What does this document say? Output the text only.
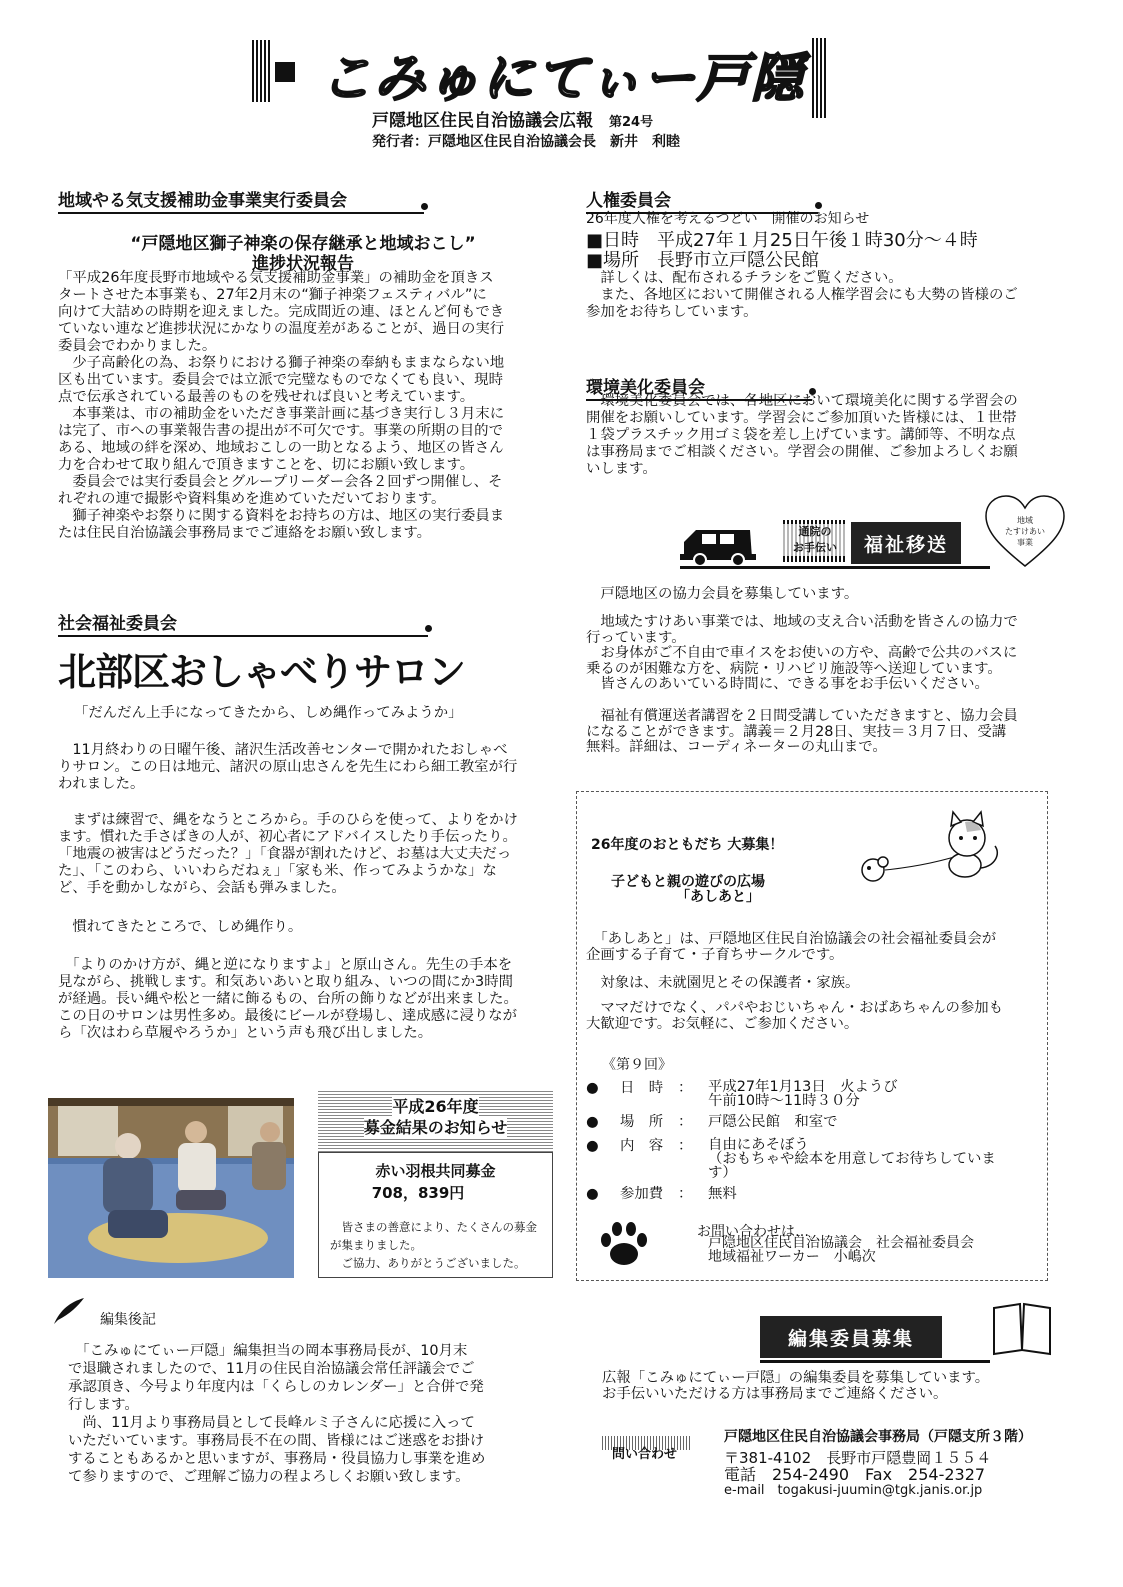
こみゅにてぃー戸隠
戸隠地区住民自治協議会広報 第24号
発行者：戸隠地区住民自治協議会長　新井　利睦
地域やる気支援補助金事業実行委員会
“戸隠地区獅子神楽の保存継承と地域おこし”
進捗状況報告

「平成26年度長野市地域やる気支援補助金事業」の補助金を頂きス
タートさせた本事業も、27年2月末の“獅子神楽フェスティバル”に
向けて大詰めの時期を迎えました。完成間近の連、ほとんど何もでき
ていない連など進捗状況にかなりの温度差があることが、過日の実行
委員会でわかりました。
　少子高齢化の為、お祭りにおける獅子神楽の奉納もままならない地
区も出ています。委員会では立派で完璧なものでなくても良い、現時
点で伝承されている最善のものを残せれば良いと考えています。
　本事業は、市の補助金をいただき事業計画に基づき実行し３月末に
は完了、市への事業報告書の提出が不可欠です。事業の所期の目的で
ある、地域の絆を深め、地域おこしの一助となるよう、地区の皆さん
力を合わせて取り組んで頂きますことを、切にお願い致します。
　委員会では実行委員会とグループリーダー会各２回ずつ開催し、そ
れぞれの連で撮影や資料集めを進めていただいております。
　獅子神楽やお祭りに関する資料をお持ちの方は、地区の実行委員ま
たは住民自治協議会事務局までご連絡をお願い致します。

社会福祉委員会
北部区おしゃべりサロン

「だんだん上手になってきたから、しめ縄作ってみようか」

　11月終わりの日曜午後、諸沢生活改善センターで開かれたおしゃべ
りサロン。この日は地元、諸沢の原山忠さんを先生にわら細工教室が行
われました。

　まずは練習で、縄をなうところから。手のひらを使って、よりをかけ
ます。慣れた手さばきの人が、初心者にアドバイスしたり手伝ったり。
「地震の被害はどうだった？」「食器が割れたけど、お墓は大丈夫だっ
た」、「このわら、いいわらだねぇ」「家も米、作ってみようかな」な
ど、手を動かしながら、会話も弾みました。

　慣れてきたところで、しめ縄作り。

　「よりのかけ方が、縄と逆になりますよ」と原山さん。先生の手本を
見ながら、挑戦します。和気あいあいと取り組み、いつの間にか3時間
が経過。長い縄や松と一緒に飾るもの、台所の飾りなどが出来ました。
この日のサロンは男性多め。最後にビールが登場し、達成感に浸りなが
ら「次はわら草履やろうか」という声も飛び出しました。

平成26年度
募金結果のお知らせ
赤い羽根共同募金
708，839円

　皆さまの善意により、たくさんの募金
が集まりました。
　ご協力、ありがとうございました。

編集後記

　「こみゅにてぃー戸隠」編集担当の岡本事務局長が、10月末
で退職されましたので、11月の住民自治協議会常任評議会でご
承認頂き、今号より年度内は「くらしのカレンダー」と合併で発
行します。
　尚、11月より事務局員として長峰ルミ子さんに応援に入って
いただいています。事務局長不在の間、皆様にはご迷惑をお掛け
することもあるかと思いますが、事務局・役員協力し事業を進め
て参りますので、ご理解ご協力の程よろしくお願い致します。

人権委員会
26年度人権を考えるつどい　開催のお知らせ
■日時　平成27年１月25日午後１時30分～４時
■場所　長野市立戸隠公民館

　詳しくは、配布されるチラシをご覧ください。
　また、各地区において開催される人権学習会にも大勢の皆様のご
参加をお待ちしています。

環境美化委員会

　環境美化委員会では、各地区において環境美化に関する学習会の
開催をお願いしています。学習会にご参加頂いた皆様には、１世帯
１袋プラスチック用ゴミ袋を差し上げています。講師等、不明な点
は事務局までご相談ください。学習会の開催、ご参加よろしくお願
いします。

通院の
お手伝い	福祉移送
地域
たすけあい
事業

　戸隠地区の協力会員を募集しています。

　地域たすけあい事業では、地域の支え合い活動を皆さんの協力で
行っています。
　お身体がご不自由で車イスをお使いの方や、高齢で公共のバスに
乗るのが困難な方を、病院・リハビリ施設等へ送迎しています。
　皆さんのあいている時間に、できる事をお手伝いください。

　福祉有償運送者講習を２日間受講していただきますと、協力会員
になることができます。講義＝２月28日、実技＝３月７日、受講
無料。詳細は、コーディネーターの丸山まで。

26年度のおともだち 大募集！
子どもと親の遊びの広場
「あしあと」

　「あしあと」は、戸隠地区住民自治協議会の社会福祉委員会が
企画する子育て・子育ちサークルです。

　対象は、未就園児とその保護者・家族。

　ママだけでなく、パパやおじいちゃん・おばあちゃんの参加も
大歓迎です。お気軽に、ご参加ください。

《第９回》
●	日　時	：	平成27年1月13日　火ようび
午前10時～11時３０分
●	場　所	：	戸隠公民館　和室で
●	内　容	：	自由にあそぼう
（おもちゃや絵本を用意してお待ちしていま
す）
●	参加費	：	無料
お問い合わせは…

戸隠地区住民自治協議会　社会福祉委員会
地域福祉ワーカー　小嶋次

編集委員募集

広報「こみゅにてぃー戸隠」の編集委員を募集しています。
お手伝いいただける方は事務局までご連絡ください。

問い合わせ
戸隠地区住民自治協議会事務局（戸隠支所３階）
〒381-4102　長野市戸隠豊岡１５５４
電話　254-2490　Fax　254-2327
e-mail　togakusi-juumin@tgk.janis.or.jp
